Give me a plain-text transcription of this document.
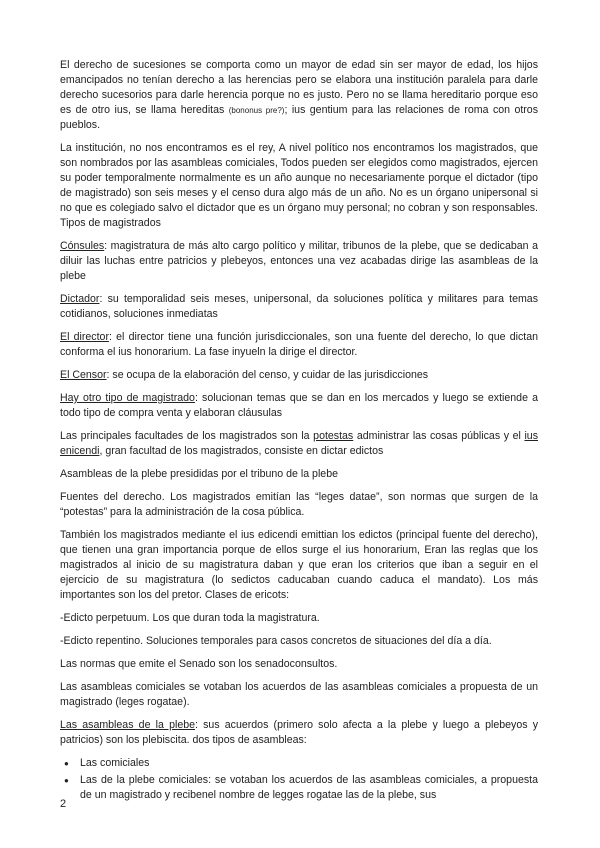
El derecho de sucesiones se comporta como un mayor de edad sin ser mayor de edad, los hijos emancipados no tenían derecho a las herencias pero se elabora una institución paralela para darle derecho sucesorios para darle herencia porque no es justo. Pero no se llama hereditario porque eso es de otro ius, se llama hereditas (bononus pre?); ius gentium para las relaciones de roma con otros pueblos.

La institución, no nos encontramos es el rey, A nivel político nos encontramos los magistrados, que son nombrados por las asambleas comiciales, Todos pueden ser elegidos como magistrados, ejercen su poder temporalmente normalmente es un año aunque no necesariamente porque el dictador (tipo de magistrado) son seis meses y el censo dura algo más de un año. No es un órgano unipersonal si no que es colegiado salvo el dictador que es un órgano muy personal; no cobran y son responsables. Tipos de magistrados

Cónsules: magistratura de más alto cargo político y militar, tribunos de la plebe, que se dedicaban a diluir las luchas entre patricios y plebeyos, entonces una vez acabadas dirige las asambleas de la plebe

Dictador: su temporalidad seis meses, unipersonal, da soluciones política y militares para temas cotidianos, soluciones inmediatas

El director: el director tiene una función jurisdiccionales, son una fuente del derecho, lo que dictan conforma el ius honorarium. La fase inyueln la dirige el director.

El Censor: se ocupa de la elaboración del censo, y cuidar de las jurisdicciones

Hay otro tipo de magistrado: solucionan temas que se dan en los mercados y luego se extiende a todo tipo de compra venta y elaboran cláusulas

Las principales facultades de los magistrados son la potestas administrar las cosas públicas y el ius enicendi, gran facultad de los magistrados, consiste en dictar edictos

Asambleas de la plebe presididas por el tribuno de la plebe

Fuentes del derecho. Los magistrados emitían las “leges datae”, son normas que surgen de la “potestas” para la administración de la cosa pública.

También los magistrados mediante el ius edicendi emittian los edictos (principal fuente del derecho), que tienen una gran importancia porque de ellos surge el ius honorarium, Eran las reglas que los magistrados al inicio de su magistratura daban y que eran los criterios que iban a seguir en el ejercicio de su magistratura (lo sedictos caducaban cuando caduca el mandato). Los más importantes son los del pretor. Clases de ericots:

-Edicto perpetuum. Los que duran toda la magistratura.

-Edicto repentino. Soluciones temporales para casos concretos de situaciones del día a día.

Las normas que emite el Senado son los senadoconsultos.

Las asambleas comiciales se votaban los acuerdos de las asambleas comiciales a propuesta de un magistrado (leges rogatae).

Las asambleas de la plebe: sus acuerdos (primero solo afecta a la plebe y luego a plebeyos y patricios) son los plebiscita. dos tipos de asambleas:

● Las comiciales
● Las de la plebe comiciales: se votaban los acuerdos de las asambleas comiciales, a propuesta de un magistrado y recibenel nombre de legges rogatae las de la plebe, sus
2
